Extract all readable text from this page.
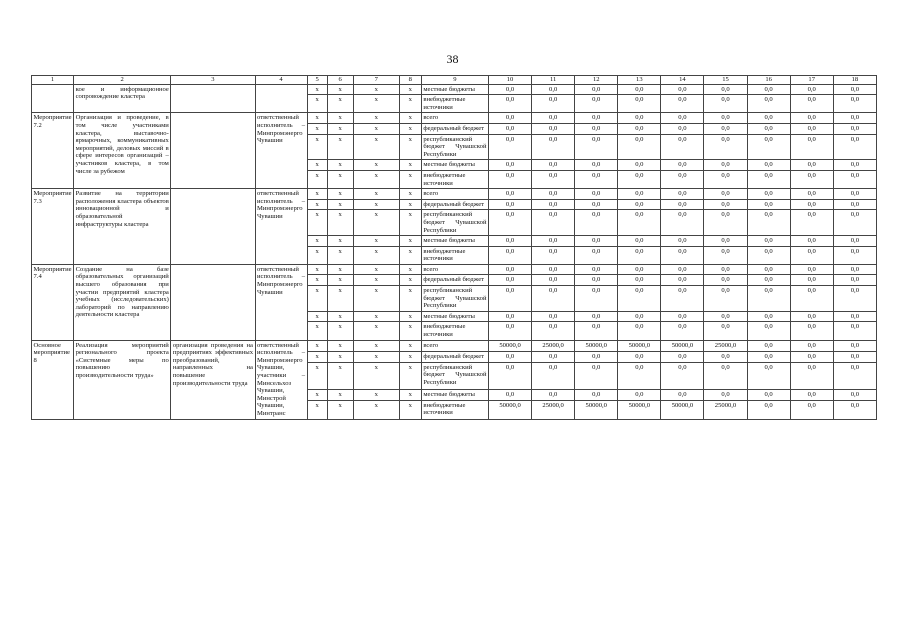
38
1	2	3	4	5	6	7	8	9	10	11	12	13	14	15	16	17	18
	кое и информационное сопровождение кластера			x	x	x	x	местные бюджеты	0,0	0,0	0,0	0,0	0,0	0,0	0,0	0,0	0,0
				x	x	x	x	внебюджетные источники	0,0	0,0	0,0	0,0	0,0	0,0	0,0	0,0	0,0
Мероприятие 7.2	Организация и проведение, в том числе участниками кластера, выставочно-ярмарочных, коммуникативных мероприятий, деловых миссий в сфере интересов организаций – участников кластера, в том числе за рубежом		ответственный исполнитель – Минпромэнерго Чувашии	x	x	x	x	всего	0,0	0,0	0,0	0,0	0,0	0,0	0,0	0,0	0,0
				x	x	x	x	федеральный бюджет	0,0	0,0	0,0	0,0	0,0	0,0	0,0	0,0	0,0
				x	x	x	x	республиканский бюджет Чувашской Республики	0,0	0,0	0,0	0,0	0,0	0,0	0,0	0,0	0,0
				x	x	x	x	местные бюджеты	0,0	0,0	0,0	0,0	0,0	0,0	0,0	0,0	0,0
				x	x	x	x	внебюджетные источники	0,0	0,0	0,0	0,0	0,0	0,0	0,0	0,0	0,0
Мероприятие 7.3	Развитие на территории расположения кластера объектов инновационной и образовательной инфраструктуры кластера		ответственный исполнитель – Минпромэнерго Чувашии	x	x	x	x	всего	0,0	0,0	0,0	0,0	0,0	0,0	0,0	0,0	0,0
				x	x	x	x	федеральный бюджет	0,0	0,0	0,0	0,0	0,0	0,0	0,0	0,0	0,0
				x	x	x	x	республиканский бюджет Чувашской Республики	0,0	0,0	0,0	0,0	0,0	0,0	0,0	0,0	0,0
				x	x	x	x	местные бюджеты	0,0	0,0	0,0	0,0	0,0	0,0	0,0	0,0	0,0
				x	x	x	x	внебюджетные источники	0,0	0,0	0,0	0,0	0,0	0,0	0,0	0,0	0,0
Мероприятие 7.4	Создание на базе образовательных организаций высшего образования при участии предприятий кластера учебных (исследовательских) лабораторий по направлению деятельности кластера		ответственный исполнитель – Минпромэнерго Чувашии	x	x	x	x	всего	0,0	0,0	0,0	0,0	0,0	0,0	0,0	0,0	0,0
				x	x	x	x	федеральный бюджет	0,0	0,0	0,0	0,0	0,0	0,0	0,0	0,0	0,0
				x	x	x	x	республиканский бюджет Чувашской Республики	0,0	0,0	0,0	0,0	0,0	0,0	0,0	0,0	0,0
				x	x	x	x	местные бюджеты	0,0	0,0	0,0	0,0	0,0	0,0	0,0	0,0	0,0
				x	x	x	x	внебюджетные источники	0,0	0,0	0,0	0,0	0,0	0,0	0,0	0,0	0,0
Основное мероприятие 8	Реализация мероприятий регионального проекта «Системные меры по повышению производительности труда»	организация проведения на предприятиях эффективных преобразований, направленных на повышение производительности труда	ответственный исполнитель – Минпромэнерго Чувашии, участники – Минсельхоз Чувашии, Минстрой Чувашии, Минтранс	x	x	x	x	всего	50000,0	25000,0	50000,0	50000,0	50000,0	25000,0	0,0	0,0	0,0
				x	x	x	x	федеральный бюджет	0,0	0,0	0,0	0,0	0,0	0,0	0,0	0,0	0,0
				x	x	x	x	республиканский бюджет Чувашской Республики	0,0	0,0	0,0	0,0	0,0	0,0	0,0	0,0	0,0
				x	x	x	x	местные бюджеты	0,0	0,0	0,0	0,0	0,0	0,0	0,0	0,0	0,0
				x	x	x	x	внебюджетные источники	50000,0	25000,0	50000,0	50000,0	50000,0	25000,0	0,0	0,0	0,0
